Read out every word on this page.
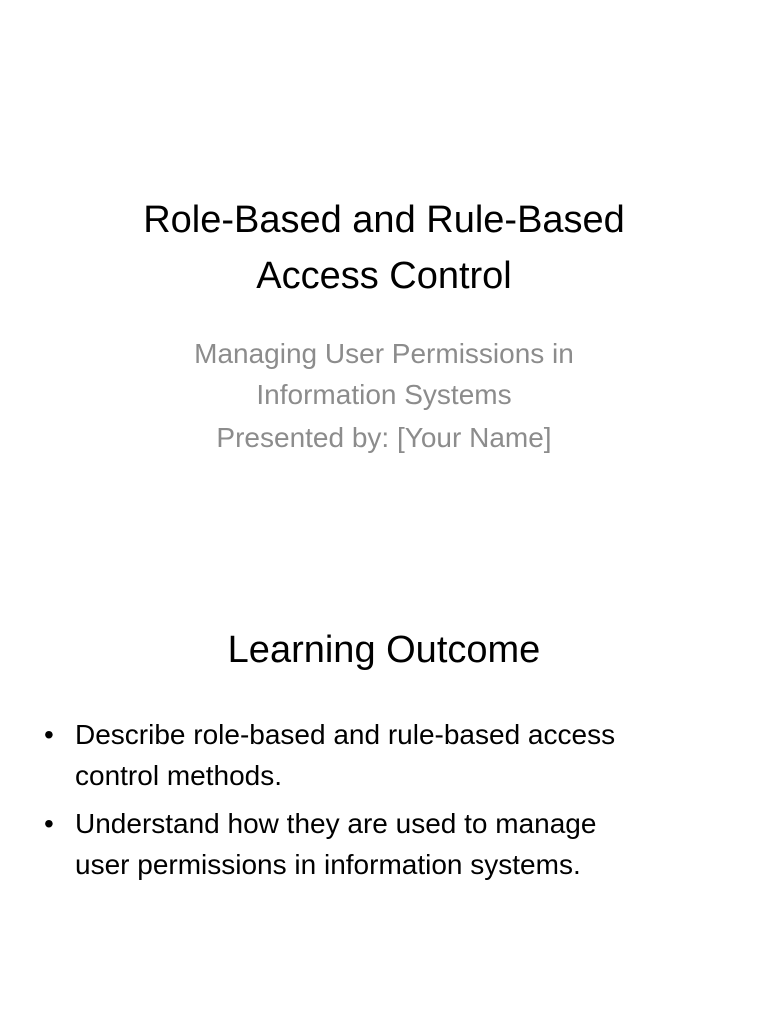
Role-Based and Rule-Based
Access Control

Managing User Permissions in

Information Systems

Presented by: [Your Name]

Learning Outcome
• Describe role-based and rule-based access
control methods.
• Understand how they are used to manage
user permissions in information systems.
